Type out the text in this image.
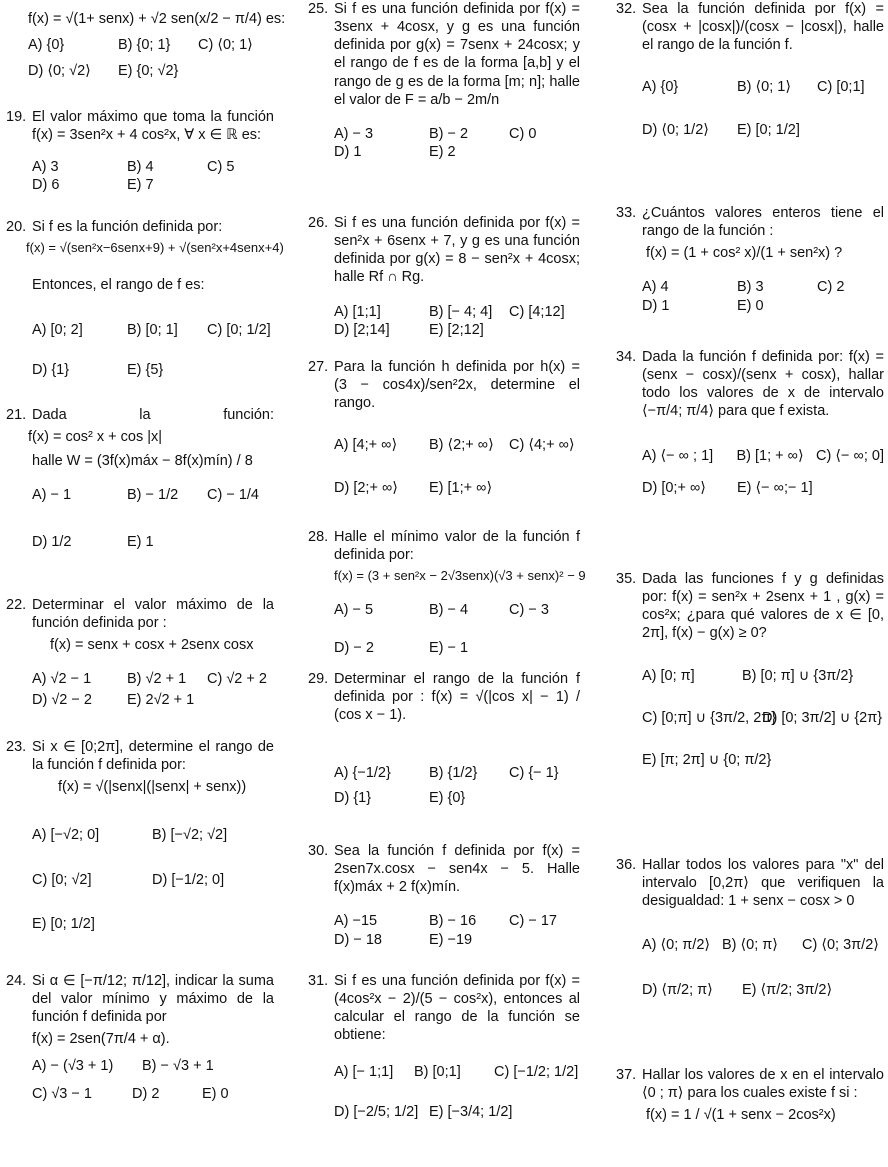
f(x) = √(1+ senx) + √2 sen(x/2 − π/4) es:
A) {0}	B) {0; 1}	C) ⟨0; 1⟩
D) ⟨0; √2⟩	E) {0; √2}
19. El valor máximo que toma la función f(x) = 3sen²x + 4 cos²x, ∀ x ∈ ℝ es:
A) 3	B) 4	C) 5
D) 6	E) 7
20. Si f es la función definida por:
f(x) = √(sen²x−6senx+9) + √(sen²x+4senx+4)
Entonces, el rango de f es:
A) [0; 2]	B) [0; 1]	C) [0; 1/2]
D) {1}	E) {5}
21. Dada la función:
f(x) = cos² x + cos |x|
halle W = (3f(x)máx − 8f(x)mín) / 8
A) − 1	B) − 1/2	C) − 1/4
D) 1/2	E) 1
22. Determinar el valor máximo de la función definida por :
f(x) = senx + cosx + 2senx cosx
A) √2 − 1	B) √2 + 1	C) √2 + 2
D) √2 − 2	E) 2√2 + 1
23. Si x ∈ [0;2π], determine el rango de la función f definida por:
f(x) = √(|senx|(|senx| + senx))
A) [−√2; 0]	B) [−√2; √2]
C) [0; √2]	D) [−1/2; 0]
E) [0; 1/2]
24. Si α ∈ [−π/12; π/12], indicar la suma del valor mínimo y máximo de la función f definida por
f(x) = 2sen(7π/4 + α).
A) − (√3 + 1)	B) − √3 + 1
C) √3 − 1	D) 2	E) 0
25. Si f es una función definida por f(x) = 3senx + 4cosx, y g es una función definida por g(x) = 7senx + 24cosx; y el rango de f es de la forma [a,b] y el rango de g es de la forma [m; n]; halle el valor de F = a/b − 2m/n
A) − 3	B) − 2	C) 0
D) 1	E) 2
26. Si f es una función definida por f(x) = sen²x + 6senx + 7, y g es una función definida por g(x) = 8 − sen²x + 4cosx; halle Rf ∩ Rg.
A) [1;1]	B) [− 4; 4]	C) [4;12]
D) [2;14]	E) [2;12]
27. Para la función h definida por h(x) = (3 − cos4x)/sen²2x, determine el rango.
A) [4;+ ∞⟩	B) ⟨2;+ ∞⟩	C) ⟨4;+ ∞⟩
D) [2;+ ∞⟩	E) [1;+ ∞⟩
28. Halle el mínimo valor de la función f definida por:
f(x) = (3 + sen²x − 2√3senx)(√3 + senx)² − 9
A) − 5	B) − 4	C) − 3
D) − 2	E) − 1
29. Determinar el rango de la función f definida por : f(x) = √(|cos x| − 1) / (cos x − 1).
A) {−1/2}	B) {1/2}	C) {− 1}
D) {1}	E) {0}
30. Sea la función f definida por f(x) = 2sen7x.cosx − sen4x − 5. Halle f(x)máx + 2 f(x)mín.
A) −15	B) − 16	C) − 17
D) − 18	E) −19
31. Si f es una función definida por f(x) = (4cos²x − 2)/(5 − cos²x), entonces al calcular el rango de la función se obtiene:
A) [− 1;1]	B) [0;1]	C) [−1/2; 1/2]
D) [−2/5; 1/2] E) [−3/4; 1/2]
32. Sea la función definida por f(x) = (cosx + |cosx|)/(cosx − |cosx|), halle el rango de la función f.
A) {0}	B) ⟨0; 1⟩	C) [0;1]
D) ⟨0; 1/2⟩	E) [0; 1/2]
33. ¿Cuántos valores enteros tiene el rango de la función :
f(x) = (1 + cos² x)/(1 + sen²x) ?
A) 4	B) 3	C) 2
D) 1	E) 0
34. Dada la función f definida por: f(x) = (senx − cosx)/(senx + cosx), hallar todo los valores de x de intervalo ⟨−π/4; π/4⟩ para que f exista.
A) ⟨− ∞ ; 1]	B) [1; + ∞⟩ C) ⟨− ∞; 0]
D) [0;+ ∞⟩	E) ⟨− ∞;− 1]
35. Dada las funciones f y g definidas por: f(x) = sen²x + 2senx + 1 , g(x) = cos²x; ¿para qué valores de x ∈ [0, 2π], f(x) − g(x) ≥ 0?
A) [0; π]	B) [0; π] ∪ {3π/2}
C) [0;π] ∪ {3π/2, 2π}
D) [0; 3π/2] ∪ {2π}
E) [π; 2π] ∪ {0; π/2}
36. Hallar todos los valores para "x" del intervalo [0,2π⟩ que verifiquen la desigualdad: 1 + senx − cosx > 0
A) ⟨0; π/2⟩ B) ⟨0; π⟩	C) ⟨0; 3π/2⟩
D) ⟨π/2; π⟩	E) ⟨π/2; 3π/2⟩
37. Hallar los valores de x en el intervalo ⟨0 ; π⟩ para los cuales existe f si :
f(x) = 1 / √(1 + senx − 2cos²x)
